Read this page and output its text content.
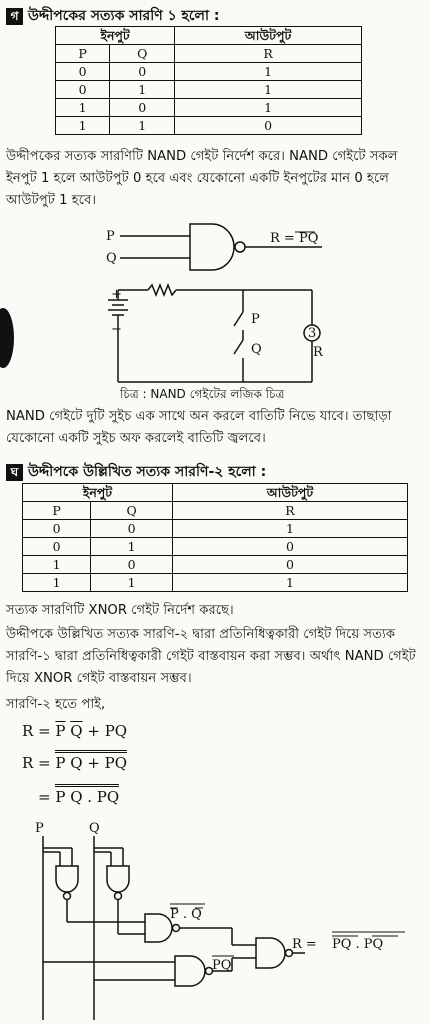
গ উদ্দীপকের সত্যক সারণি ১ হলো :
ইনপুট		আউটপুট
P	Q	R
0	0	1
0	1	1
1	0	1
1	1	0
উদ্দীপকের সত্যক সারণিটি NAND গেইট নির্দেশ করে। NAND গেইটে সকল ইনপুট 1 হলে আউটপুট 0 হবে এবং যেকোনো একটি ইনপুটের মান 0 হলে আউটপুট 1 হবে।
P
Q
R = PQ
+
−
P
Q
3
R
P	Q
P . Q
PQ
R = PQ . PQ
চিত্র : NAND গেইটের লজিক চিত্র
NAND গেইটে দুটি সুইচ এক সাথে অন করলে বাতিটি নিভে যাবে। তাছাড়া যেকোনো একটি সুইচ অফ করলেই বাতিটি জ্বলবে।
ঘ উদ্দীপকে উল্লিখিত সত্যক সারণি-২ হলো :
ইনপুট		আউটপুট
P	Q	R
0	0	1
0	1	0
1	0	0
1	1	1
সত্যক সারণিটি XNOR গেইট নির্দেশ করছে।
উদ্দীপকে উল্লিখিত সত্যক সারণি-২ দ্বারা প্রতিনিধিত্বকারী গেইট দিয়ে সত্যক সারণি-১ দ্বারা প্রতিনিধিত্বকারী গেইট বাস্তবায়ন করা সম্ভব। অর্থাৎ NAND গেইট দিয়ে XNOR গেইট বাস্তবায়ন সম্ভব।
সারণি-২ হতে পাই,
$R = \overline{P}$ $\overline{Q}$ + PQ
R = P Q + PQ
= P Q . PQ
